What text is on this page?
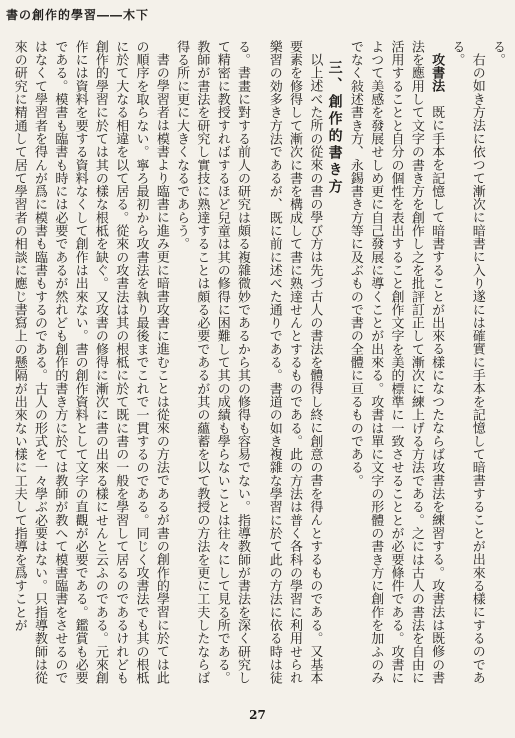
書の創作的學習――木下

る。

右の如き方法に依つて漸次に暗書に入り遂には確實に手本を記憶して暗書することが出來る樣にするのである。

攻書法　既に手本を記憶して暗書することが出來る樣になつたならば攻書法を練習する。攻書法は既修の書法を應用して文字の書き方を創作し之を批評訂正して漸次に練上げる方法である。之には古人の書法を自由に活用することと自分の個性を表出すること創作文字を美的標準に一致させることとが必要條件である。攻書によつて美感を發展せしめ更に自己發展に導くことが出來る。攻書は單に文字の形體の書き方に創作を加ふのみでなく敍述書き方、永錫書き方等に及ぶもので書の全體に亘るものである。

三、創作的書き方

以上述べた所の從來の書の學び方は先づ古人の書法を體得し終に創意の書を得んとするものである。又基本要素を修得して漸次に書を構成して書に熟達せんとするものである。此の方法は普く各科の學習に利用せられ樂習の効多き方法であるが、既に前に述べた通りである。書道の如き複雜な學習に於て此の方法に依る時は徒

る。書畫に對する前人の研究は頗る複雜微妙であるから其の修得も容易でない。指導教師が書法を深く研究して精密に教授すればするほど兒童は其の修得に困難して其の成績も學らないことは往々にして見る所である。教師が書法を研究し實技に熟達することは頗る必要であるが其の蘊蓄を以て教授の方法を更に工夫したならば得る所に更に大きくなるであらう。

書の學習者は模書より臨書に進み更に暗書攻書に進むことは從來の方法であるが書の創作的學習に於ては此の順序を取らない。寧ろ最初から攻書法を執り最後までこれで一貫するのである。同じく攻書法でも其の根柢に於て大なる相違を以て居る。從來の攻書法は其の根柢に於て既に書の一般を學習して居るのであるけれども創作的學習に於ては其の樣な根柢を缺ぐ。又攻書の修得に漸次に書の出來る樣にせんと云ふのである。元來創作には資料を要する資料なくして創作は出來ない。書の創作資料として文字の直觀が必要である。鑑賞も必要である。模書も臨書も時には必要であるが然れども創作的書き方に於ては教師が教へて模書臨書をさせるのではなくて學習者を得んが爲に模書も臨書もするのである。古人の形式を一々學ぶ必要はない。只指導教師は從來の研究に精通して居て學習者の相談に應じ書寫上の懸隔が出來ない樣に工夫して指導を爲すことが

27
